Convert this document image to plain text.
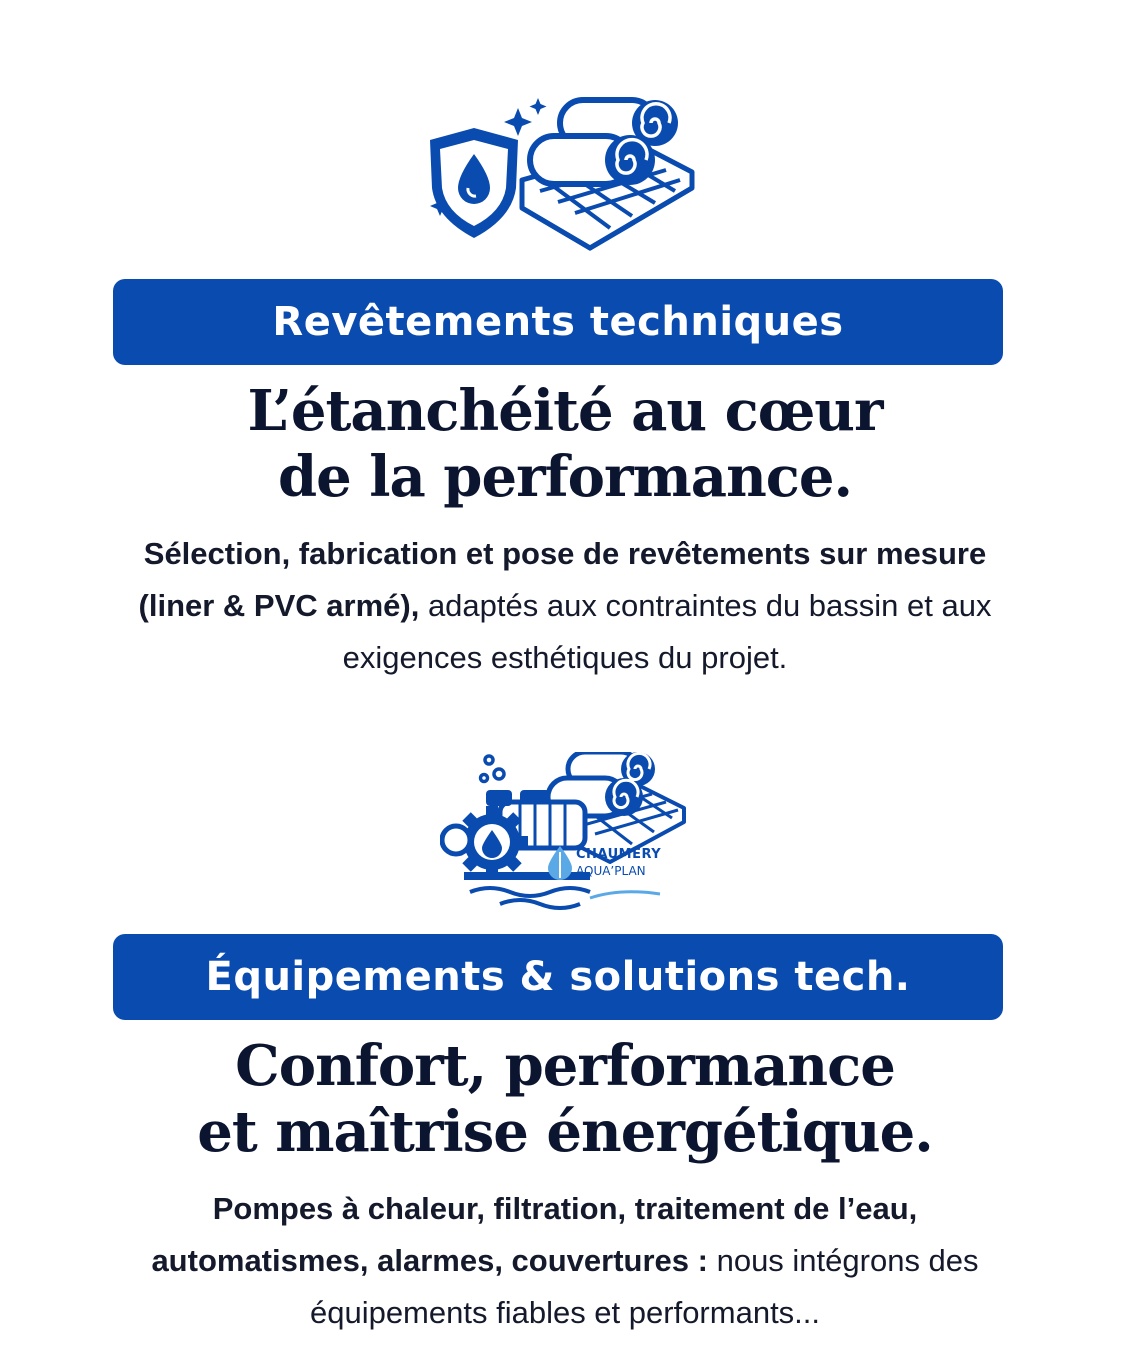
Revêtements techniques
L’étanchéité au cœur
de la performance.
Sélection, fabrication et pose de revêtements sur mesure (liner & PVC armé), adaptés aux contraintes du bassin et aux exigences esthétiques du projet.
CHAUMERY
AQUA’PLAN
Équipements & solutions tech.
Confort, performance
et maîtrise énergétique.
Pompes à chaleur, filtration, traitement de l’eau, automatismes, alarmes, couvertures : nous intégrons des équipements fiables et performants...
